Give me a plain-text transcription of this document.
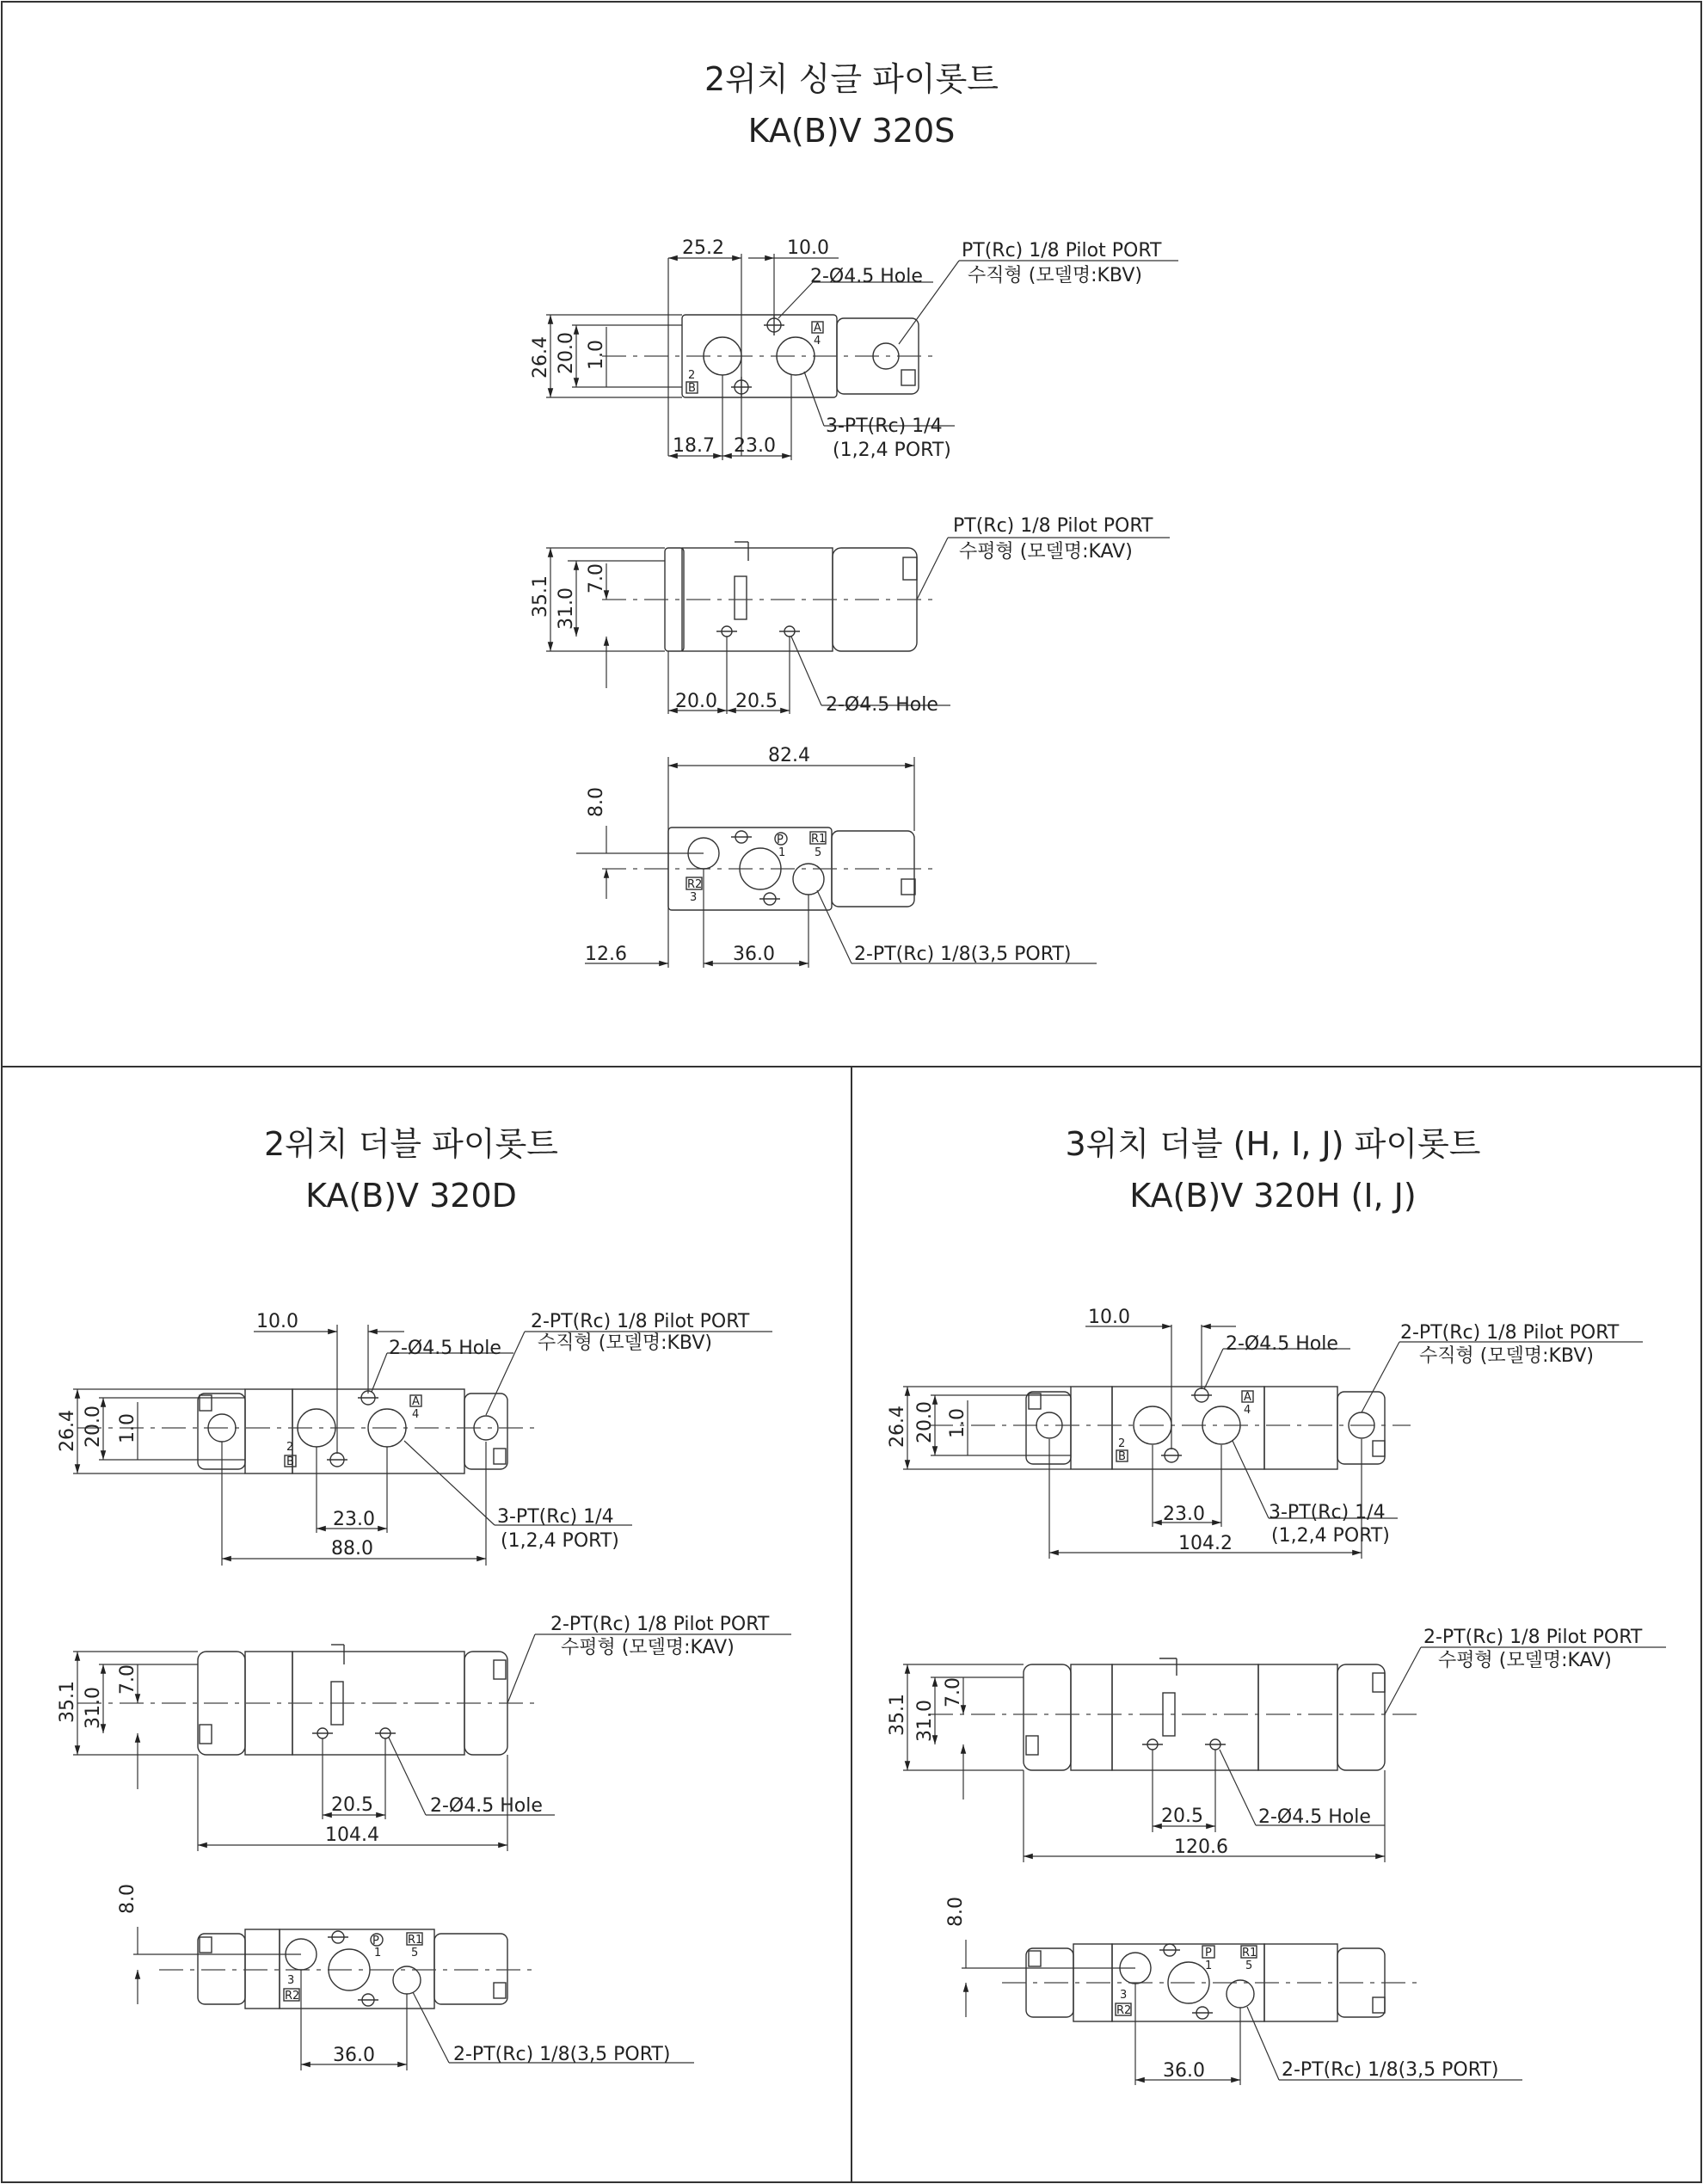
2위치 싱글 파이롯트
KA(B)V 320S
A
4
2
B
25.2	10.0
2-Ø4.5 Hole
PT(Rc) 1/8 Pilot PORT
수직형 (모델명:KBV)
26.4 20.0 1.0
3-PT(Rc) 1/4
(1,2,4 PORT)
18.7 23.0
PT(Rc) 1/8 Pilot PORT
수평형 (모델명:KAV)
35.1 31.0
7.0
20.0 20.5	2-Ø4.5 Hole
P
1
R1
5
R2
3
82.4
8.0
12.6	36.0	2-PT(Rc) 1/8(3,5 PORT)
2위치 더블 파이롯트
KA(B)V 320D
A
4
2
B
10.0
2-Ø4.5 Hole
2-PT(Rc) 1/8 Pilot PORT
수직형 (모델명:KBV)
26.4 20.0 1.0
3-PT(Rc) 1/4
(1,2,4 PORT)
23.0
88.0
2-PT(Rc) 1/8 Pilot PORT
수평형 (모델명:KAV)
35.1 31.0
7.0
20.5	2-Ø4.5 Hole
104.4
P
1
R1
5
3
R2
8.0
36.0	2-PT(Rc) 1/8(3,5 PORT)
3위치 더블 (H, I, J) 파이롯트
KA(B)V 320H (I, J)
A
4
2
B
10.0
2-Ø4.5 Hole
2-PT(Rc) 1/8 Pilot PORT
수직형 (모델명:KBV)
26.4 20.0 1.0
3-PT(Rc) 1/4
(1,2,4 PORT)
23.0
104.2
2-PT(Rc) 1/8 Pilot PORT
수평형 (모델명:KAV)
35.1 31.0
7.0
20.5	2-Ø4.5 Hole
120.6
P
1
R1
5
3
R2
8.0
36.0	2-PT(Rc) 1/8(3,5 PORT)
